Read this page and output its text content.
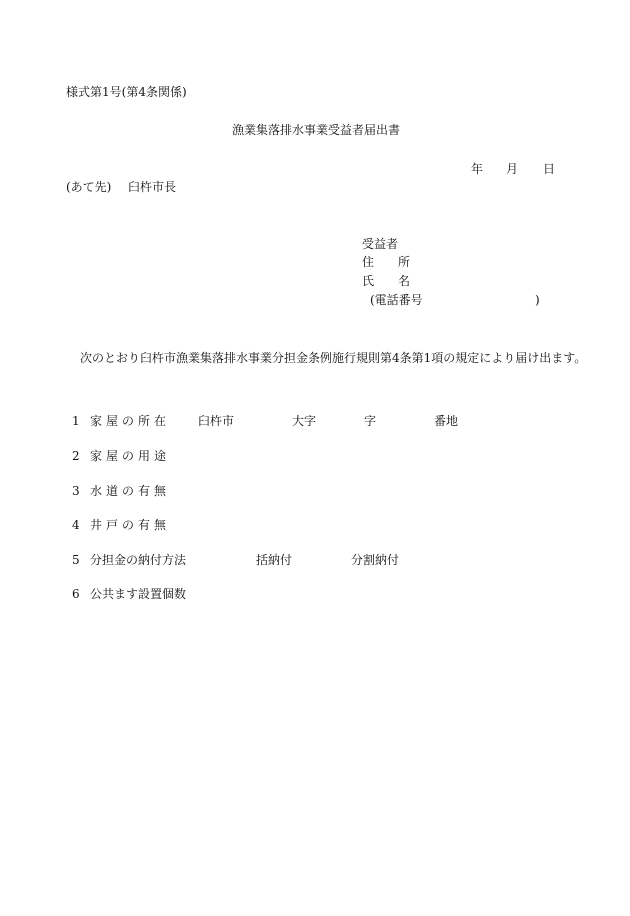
様式第1号(第4条関係)
漁業集落排水事業受益者届出書
年 月 日
(あて先) 臼杵市長
受益者
住　　所
氏　　名
(電話番号	)
次のとおり臼杵市漁業集落排水事業分担金条例施行規則第4条第1項の規定により届け出ます。
1 家屋の所在 臼杵市	大字	字	番地
2 家屋の用途
3 水道の有無
4 井戸の有無
5 分担金の納付方法	括納付	分割納付
6 公共ます設置個数
